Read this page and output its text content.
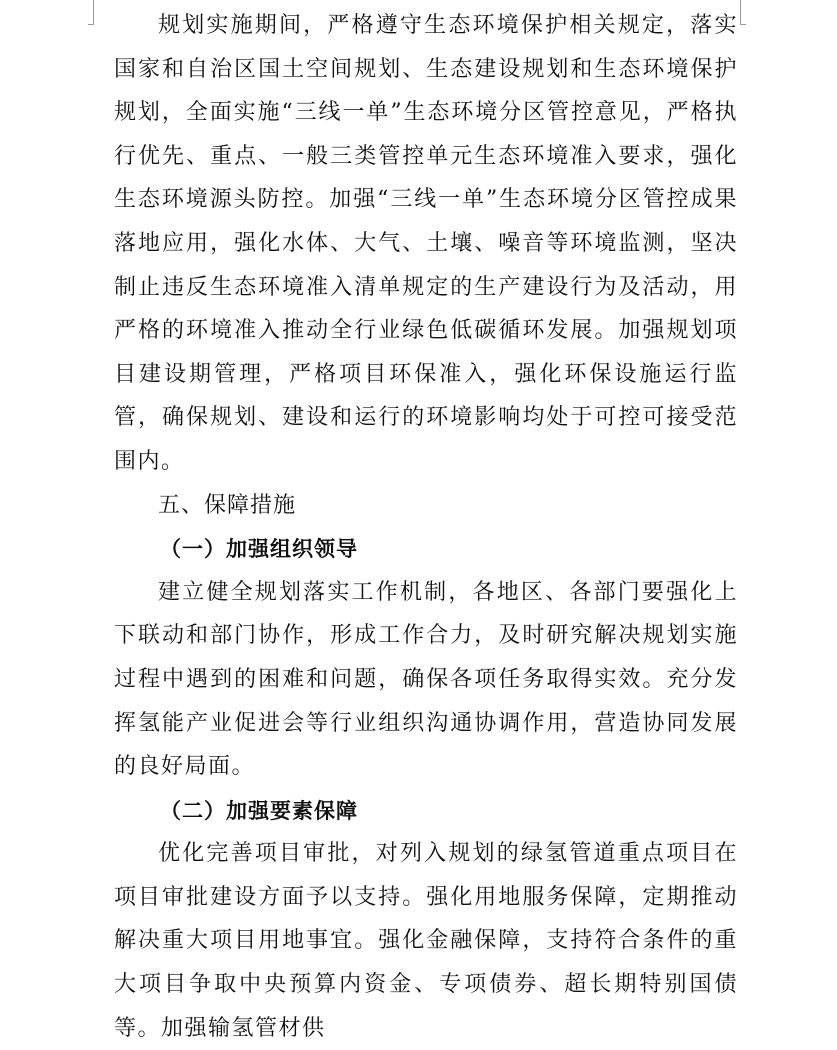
规划实施期间，严格遵守生态环境保护相关规定，落实国家和自治区国土空间规划、生态建设规划和生态环境保护规划，全面实施“三线一单”生态环境分区管控意见，严格执行优先、重点、一般三类管控单元生态环境准入要求，强化生态环境源头防控。加强“三线一单”生态环境分区管控成果落地应用，强化水体、大气、土壤、噪音等环境监测，坚决制止违反生态环境准入清单规定的生产建设行为及活动，用严格的环境准入推动全行业绿色低碳循环发展。加强规划项目建设期管理，严格项目环保准入，强化环保设施运行监管，确保规划、建设和运行的环境影响均处于可控可接受范围内。

五、保障措施
（一）加强组织领导

建立健全规划落实工作机制，各地区、各部门要强化上下联动和部门协作，形成工作合力，及时研究解决规划实施过程中遇到的困难和问题，确保各项任务取得实效。充分发挥氢能产业促进会等行业组织沟通协调作用，营造协同发展的良好局面。

（二）加强要素保障

优化完善项目审批，对列入规划的绿氢管道重点项目在项目审批建设方面予以支持。强化用地服务保障，定期推动解决重大项目用地事宜。强化金融保障，支持符合条件的重大项目争取中央预算内资金、专项债券、超长期特别国债等。加强输氢管材供
